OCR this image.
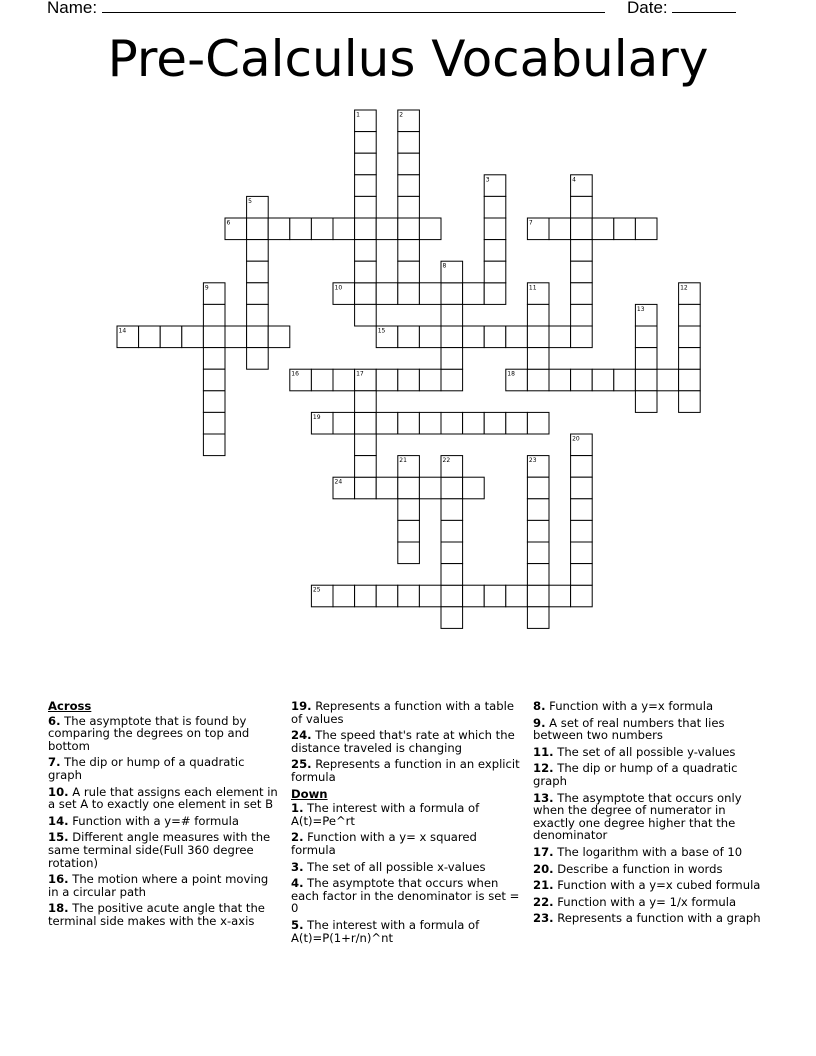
Name:	Date:
Pre-Calculus Vocabulary
6	7
10
14	15
16	18
19
24
25
1	2
3	4
5
8
9	11	12
13
17
20
21	22	23
Across
6. The asymptote that is found by comparing the degrees on top and bottom
7. The dip or hump of a quadratic graph
10. A rule that assigns each element in a set A to exactly one element in set B
14. Function with a y=# formula
15. Different angle measures with the same terminal side(Full 360 degree rotation)
16. The motion where a point moving in a circular path
18. The positive acute angle that the terminal side makes with the x-axis
19. Represents a function with a table of values
24. The speed that's rate at which the distance traveled is changing
25. Represents a function in an explicit formula
Down
1. The interest with a formula of A(t)=Pe^rt
2. Function with a y= x squared formula
3. The set of all possible x-values
4. The asymptote that occurs when each factor in the denominator is set = 0
5. The interest with a formula of A(t)=P(1+r/n)^nt
8. Function with a y=x formula
9. A set of real numbers that lies between two numbers
11. The set of all possible y-values
12. The dip or hump of a quadratic graph
13. The asymptote that occurs only when the degree of numerator in exactly one degree higher that the denominator
17. The logarithm with a base of 10
20. Describe a function in words
21. Function with a y=x cubed formula
22. Function with a y= 1/x formula
23. Represents a function with a graph
